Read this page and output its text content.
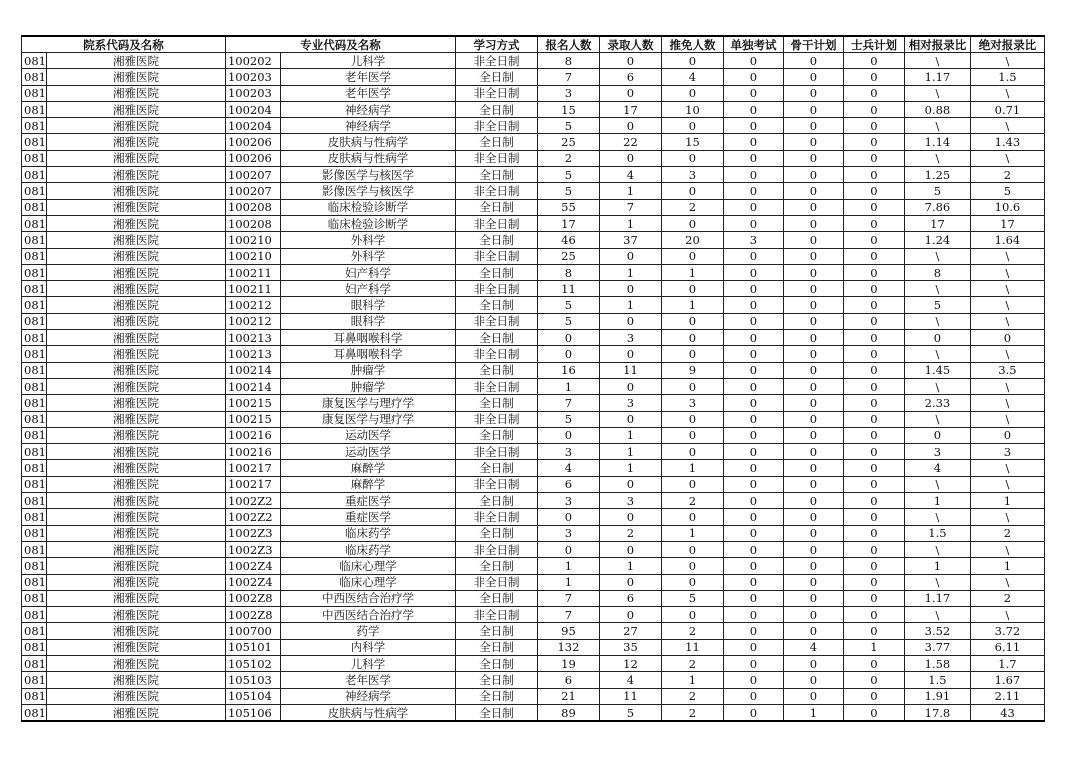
院系代码及名称		专业代码及名称		学习方式	报名人数	录取人数	推免人数	单独考试	骨干计划	士兵计划	相对报录比	绝对报录比
081	湘雅医院	100202	儿科学	非全日制	8	0	0	0	0	0	\	\
081	湘雅医院	100203	老年医学	全日制	7	6	4	0	0	0	1.17	1.5
081	湘雅医院	100203	老年医学	非全日制	3	0	0	0	0	0	\	\
081	湘雅医院	100204	神经病学	全日制	15	17	10	0	0	0	0.88	0.71
081	湘雅医院	100204	神经病学	非全日制	5	0	0	0	0	0	\	\
081	湘雅医院	100206	皮肤病与性病学	全日制	25	22	15	0	0	0	1.14	1.43
081	湘雅医院	100206	皮肤病与性病学	非全日制	2	0	0	0	0	0	\	\
081	湘雅医院	100207	影像医学与核医学	全日制	5	4	3	0	0	0	1.25	2
081	湘雅医院	100207	影像医学与核医学	非全日制	5	1	0	0	0	0	5	5
081	湘雅医院	100208	临床检验诊断学	全日制	55	7	2	0	0	0	7.86	10.6
081	湘雅医院	100208	临床检验诊断学	非全日制	17	1	0	0	0	0	17	17
081	湘雅医院	100210	外科学	全日制	46	37	20	3	0	0	1.24	1.64
081	湘雅医院	100210	外科学	非全日制	25	0	0	0	0	0	\	\
081	湘雅医院	100211	妇产科学	全日制	8	1	1	0	0	0	8	\
081	湘雅医院	100211	妇产科学	非全日制	11	0	0	0	0	0	\	\
081	湘雅医院	100212	眼科学	全日制	5	1	1	0	0	0	5	\
081	湘雅医院	100212	眼科学	非全日制	5	0	0	0	0	0	\	\
081	湘雅医院	100213	耳鼻咽喉科学	全日制	0	3	0	0	0	0	0	0
081	湘雅医院	100213	耳鼻咽喉科学	非全日制	0	0	0	0	0	0	\	\
081	湘雅医院	100214	肿瘤学	全日制	16	11	9	0	0	0	1.45	3.5
081	湘雅医院	100214	肿瘤学	非全日制	1	0	0	0	0	0	\	\
081	湘雅医院	100215	康复医学与理疗学	全日制	7	3	3	0	0	0	2.33	\
081	湘雅医院	100215	康复医学与理疗学	非全日制	5	0	0	0	0	0	\	\
081	湘雅医院	100216	运动医学	全日制	0	1	0	0	0	0	0	0
081	湘雅医院	100216	运动医学	非全日制	3	1	0	0	0	0	3	3
081	湘雅医院	100217	麻醉学	全日制	4	1	1	0	0	0	4	\
081	湘雅医院	100217	麻醉学	非全日制	6	0	0	0	0	0	\	\
081	湘雅医院	1002Z2	重症医学	全日制	3	3	2	0	0	0	1	1
081	湘雅医院	1002Z2	重症医学	非全日制	0	0	0	0	0	0	\	\
081	湘雅医院	1002Z3	临床药学	全日制	3	2	1	0	0	0	1.5	2
081	湘雅医院	1002Z3	临床药学	非全日制	0	0	0	0	0	0	\	\
081	湘雅医院	1002Z4	临床心理学	全日制	1	1	0	0	0	0	1	1
081	湘雅医院	1002Z4	临床心理学	非全日制	1	0	0	0	0	0	\	\
081	湘雅医院	1002Z8	中西医结合治疗学	全日制	7	6	5	0	0	0	1.17	2
081	湘雅医院	1002Z8	中西医结合治疗学	非全日制	7	0	0	0	0	0	\	\
081	湘雅医院	100700	药学	全日制	95	27	2	0	0	0	3.52	3.72
081	湘雅医院	105101	内科学	全日制	132	35	11	0	4	1	3.77	6.11
081	湘雅医院	105102	儿科学	全日制	19	12	2	0	0	0	1.58	1.7
081	湘雅医院	105103	老年医学	全日制	6	4	1	0	0	0	1.5	1.67
081	湘雅医院	105104	神经病学	全日制	21	11	2	0	0	0	1.91	2.11
081	湘雅医院	105106	皮肤病与性病学	全日制	89	5	2	0	1	0	17.8	43
